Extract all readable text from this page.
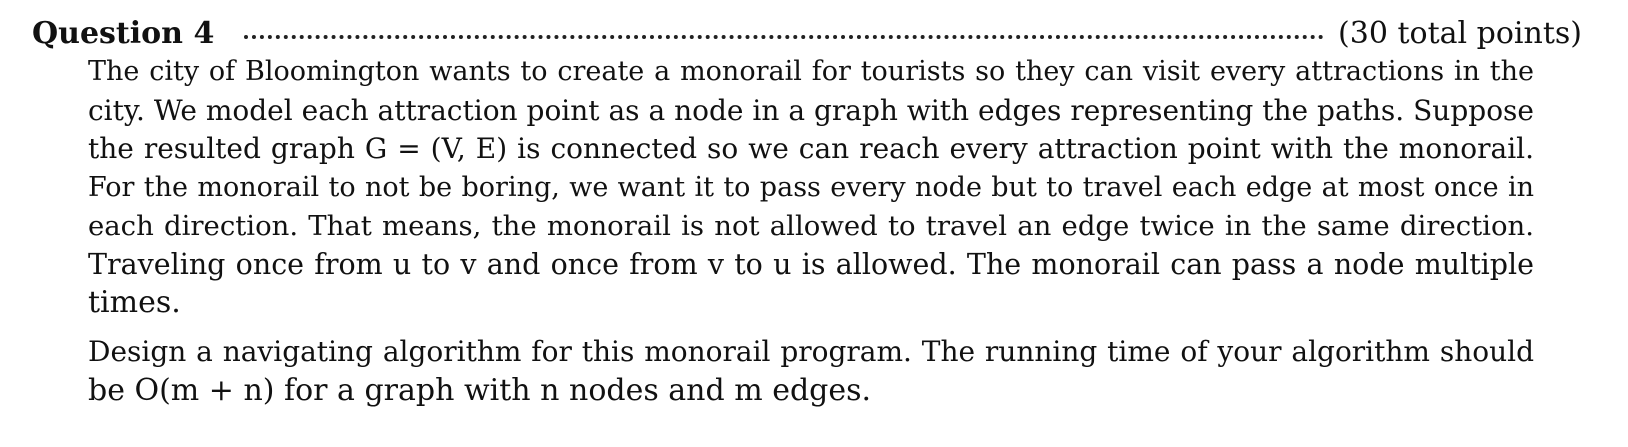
Question 4	(30 total points)
The city of Bloomington wants to create a monorail for tourists so they can visit every attractions in the
city. We model each attraction point as a node in a graph with edges representing the paths. Suppose
the resulted graph G = (V, E) is connected so we can reach every attraction point with the monorail.
For the monorail to not be boring, we want it to pass every node but to travel each edge at most once in
each direction. That means, the monorail is not allowed to travel an edge twice in the same direction.
Traveling once from u to v and once from v to u is allowed. The monorail can pass a node multiple
times.
Design a navigating algorithm for this monorail program. The running time of your algorithm should
be O(m + n) for a graph with n nodes and m edges.
